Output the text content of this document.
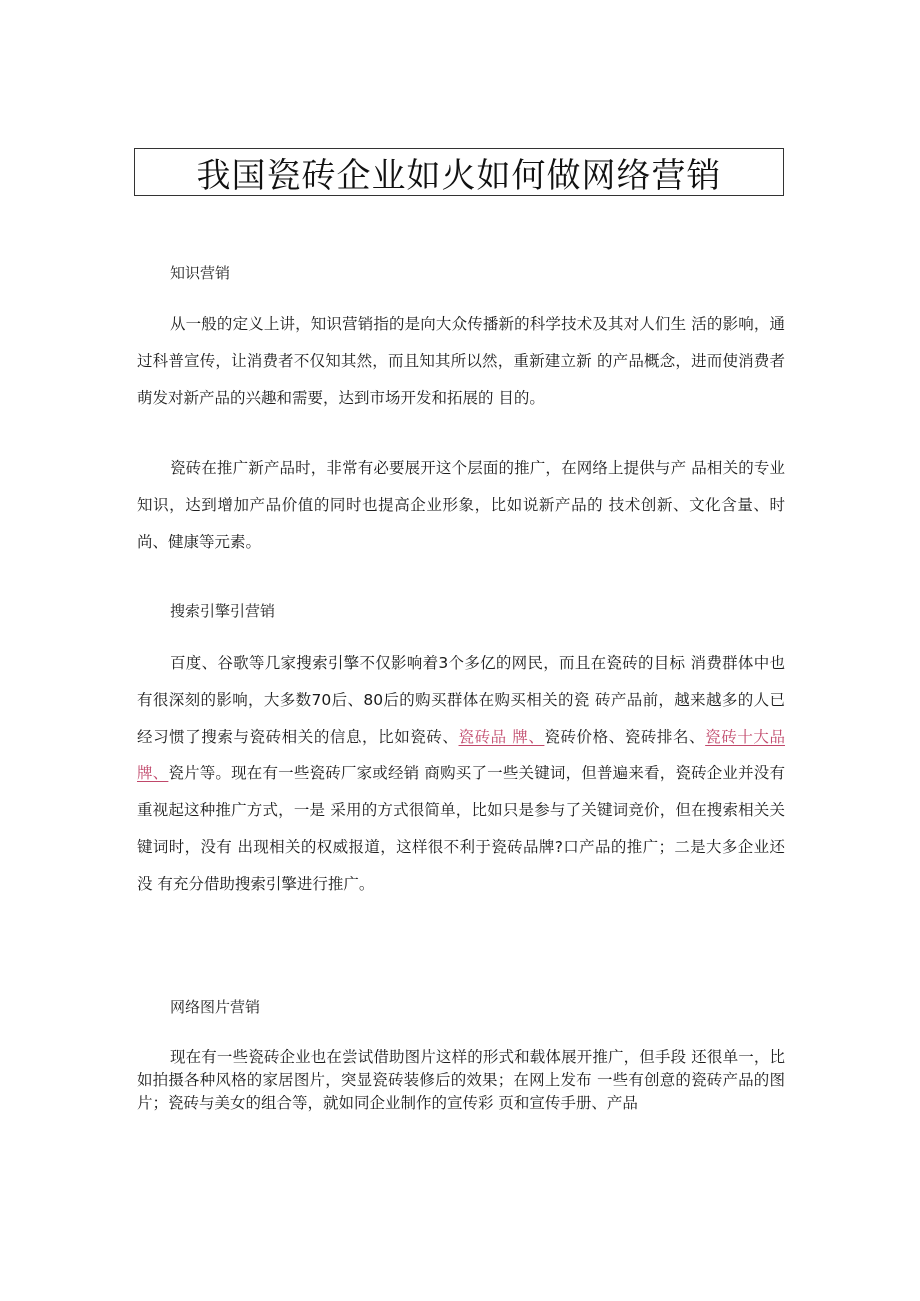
我国瓷砖企业如火如何做网络营销
知识营销

从一般的定义上讲，知识营销指的是向大众传播新的科学技术及其对人们生 活的影响，通过科普宣传，让消费者不仅知其然，而且知其所以然，重新建立新 的产品概念，进而使消费者萌发对新产品的兴趣和需要，达到市场开发和拓展的 目的。

瓷砖在推广新产品时，非常有必要展开这个层面的推广，在网络上提供与产 品相关的专业知识，达到增加产品价值的同时也提高企业形象，比如说新产品的 技术创新、文化含量、时尚、健康等元素。

搜索引擎引营销

百度、谷歌等几家搜索引擎不仅影响着3个多亿的网民，而且在瓷砖的目标 消费群体中也有很深刻的影响，大多数70后、80后的购买群体在购买相关的瓷 砖产品前，越来越多的人已经习惯了搜索与瓷砖相关的信息，比如瓷砖、瓷砖品 牌、瓷砖价格、瓷砖排名、瓷砖十大品牌、瓷片等。现在有一些瓷砖厂家或经销 商购买了一些关键词，但普遍来看，瓷砖企业并没有重视起这种推广方式，一是 采用的方式很简单，比如只是参与了关键词竞价，但在搜索相关关键词时，没有 出现相关的权威报道，这样很不利于瓷砖品牌?口产品的推广；二是大多企业还没 有充分借助搜索引擎进行推广。

网络图片营销

现在有一些瓷砖企业也在尝试借助图片这样的形式和载体展开推广，但手段 还很单一，比如拍摄各种风格的家居图片，突显瓷砖装修后的效果；在网上发布 一些有创意的瓷砖产品的图片；瓷砖与美女的组合等，就如同企业制作的宣传彩 页和宣传手册、产品
